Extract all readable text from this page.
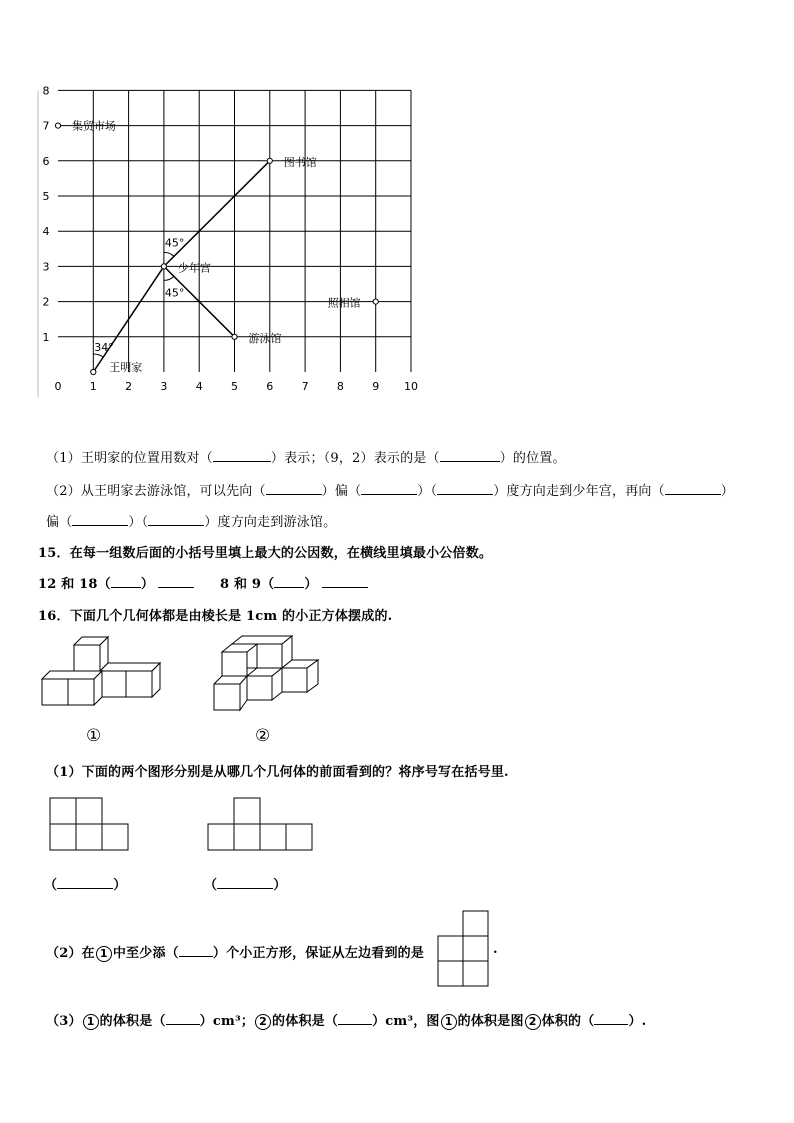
0	1	2	3	4	5	6	7	8	9 10
1
2
3
4
5
6
7
8
集贸市场
图书馆
少年宫
照相馆
游泳馆
王明家
45°
45°
34°
（1）王明家的位置用数对（	）表示；（9，2）表示的是（	）的位置。
（2）从王明家去游泳馆，可以先向（	）偏（	）（	）度方向走到少年宫，再向（	）
偏（	）（	）度方向走到游泳馆。
15．在每一组数后面的小括号里填上最大的公因数，在横线里填最小公倍数。
12 和 18（ ）	8 和 9（ ）
16．下面几个几何体都是由棱长是 1cm 的小正方体摆成的.
①	②
（1）下面的两个图形分别是从哪几个几何体的前面看到的？将序号写在括号里.
（	）	（	）
（2）在 1 中至少添（	）个小正方形，保证从左边看到的是	.
（3） 1 的体积是（	）cm³； 2 的体积是（	）cm³，图 1 的体积是图 2 体积的（	）.
